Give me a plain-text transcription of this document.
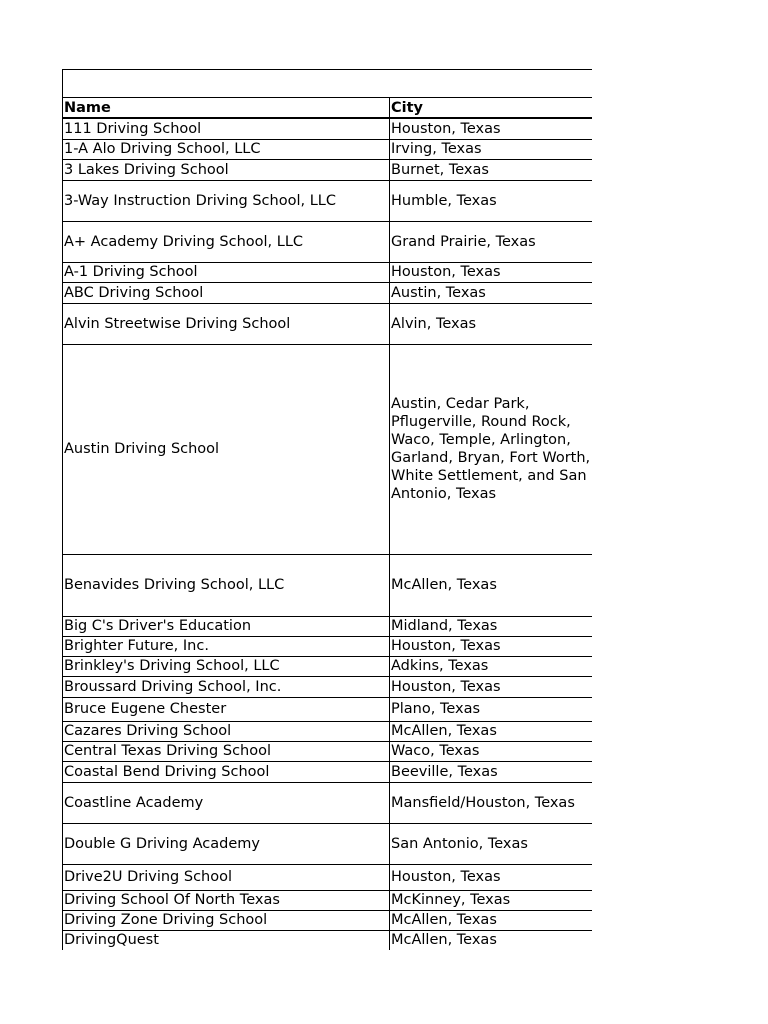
Name	City
111 Driving School	Houston, Texas
1-A Alo Driving School, LLC	Irving, Texas
3 Lakes Driving School	Burnet, Texas
3-Way Instruction Driving School, LLC	Humble, Texas
A+ Academy Driving School, LLC	Grand Prairie, Texas
A-1 Driving School	Houston, Texas
ABC Driving School	Austin, Texas
Alvin Streetwise Driving School	Alvin, Texas
Austin Driving School	Austin, Cedar Park, Pflugerville, Round Rock, Waco, Temple, Arlington, Garland, Bryan, Fort Worth, White Settlement, and San Antonio, Texas
Benavides Driving School, LLC	McAllen, Texas
Big C's Driver's Education	Midland, Texas
Brighter Future, Inc.	Houston, Texas
Brinkley's Driving School, LLC	Adkins, Texas
Broussard Driving School, Inc.	Houston, Texas
Bruce Eugene Chester	Plano, Texas
Cazares Driving School	McAllen, Texas
Central Texas Driving School	Waco, Texas
Coastal Bend Driving School	Beeville, Texas
Coastline Academy	Mansfield/Houston, Texas
Double G Driving Academy	San Antonio, Texas
Drive2U Driving School	Houston, Texas
Driving School Of North Texas	McKinney, Texas
Driving Zone Driving School	McAllen, Texas
DrivingQuest	McAllen, Texas
